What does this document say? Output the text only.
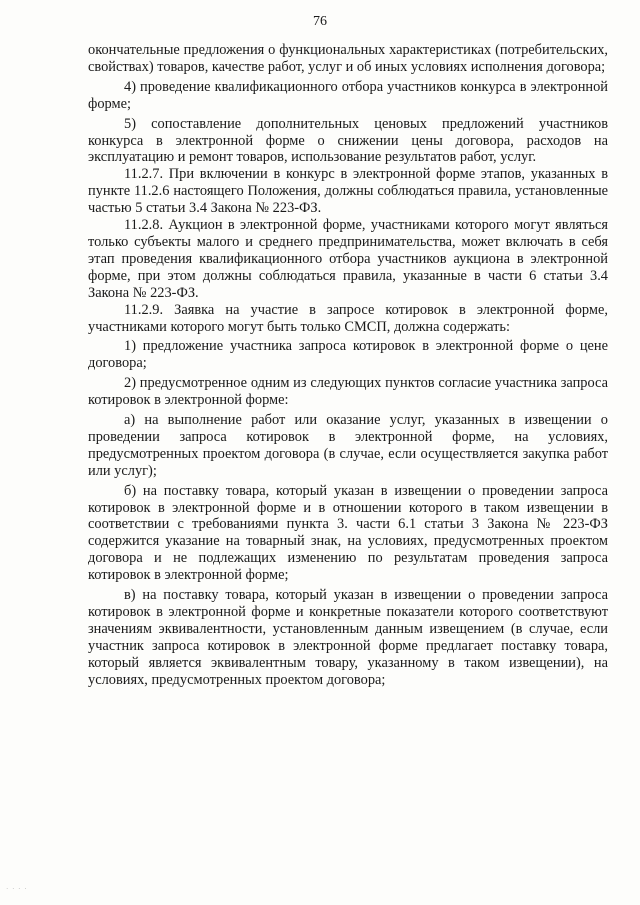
76

окончательные предложения о функциональных характеристиках (потребительских, свойствах) товаров, качестве работ, услуг и об иных условиях исполнения договора;

4) проведение квалификационного отбора участников конкурса в электронной форме;

5) сопоставление дополнительных ценовых предложений участников конкурса в электронной форме о снижении цены договора, расходов на эксплуатацию и ремонт товаров, использование результатов работ, услуг.

11.2.7. При включении в конкурс в электронной форме этапов, указанных в пункте 11.2.6 настоящего Положения, должны соблюдаться правила, установленные частью 5 статьи 3.4 Закона № 223-ФЗ.

11.2.8. Аукцион в электронной форме, участниками которого могут являться только субъекты малого и среднего предпринимательства, может включать в себя этап проведения квалификационного отбора участников аукциона в электронной форме, при этом должны соблюдаться правила, указанные в части 6 статьи 3.4 Закона № 223-ФЗ.

11.2.9. Заявка на участие в запросе котировок в электронной форме, участниками которого могут быть только СМСП, должна содержать:

1) предложение участника запроса котировок в электронной форме о цене договора;

2) предусмотренное одним из следующих пунктов согласие участника запроса котировок в электронной форме:

а) на выполнение работ или оказание услуг, указанных в извещении о проведении запроса котировок в электронной форме, на условиях, предусмотренных проектом договора (в случае, если осуществляется закупка работ или услуг);

б) на поставку товара, который указан в извещении о проведении запроса котировок в электронной форме и в отношении которого в таком извещении в соответствии с требованиями пункта 3. части 6.1 статьи 3 Закона № 223-ФЗ содержится указание на товарный знак, на условиях, предусмотренных проектом договора и не подлежащих изменению по результатам проведения запроса котировок в электронной форме;

в) на поставку товара, который указан в извещении о проведении запроса котировок в электронной форме и конкретные показатели которого соответствуют значениям эквивалентности, установленным данным извещением (в случае, если участник запроса котировок в электронной форме предлагает поставку товара, который является эквивалентным товару, указанному в таком извещении), на условиях, предусмотренных проектом договора;

· · · ·
